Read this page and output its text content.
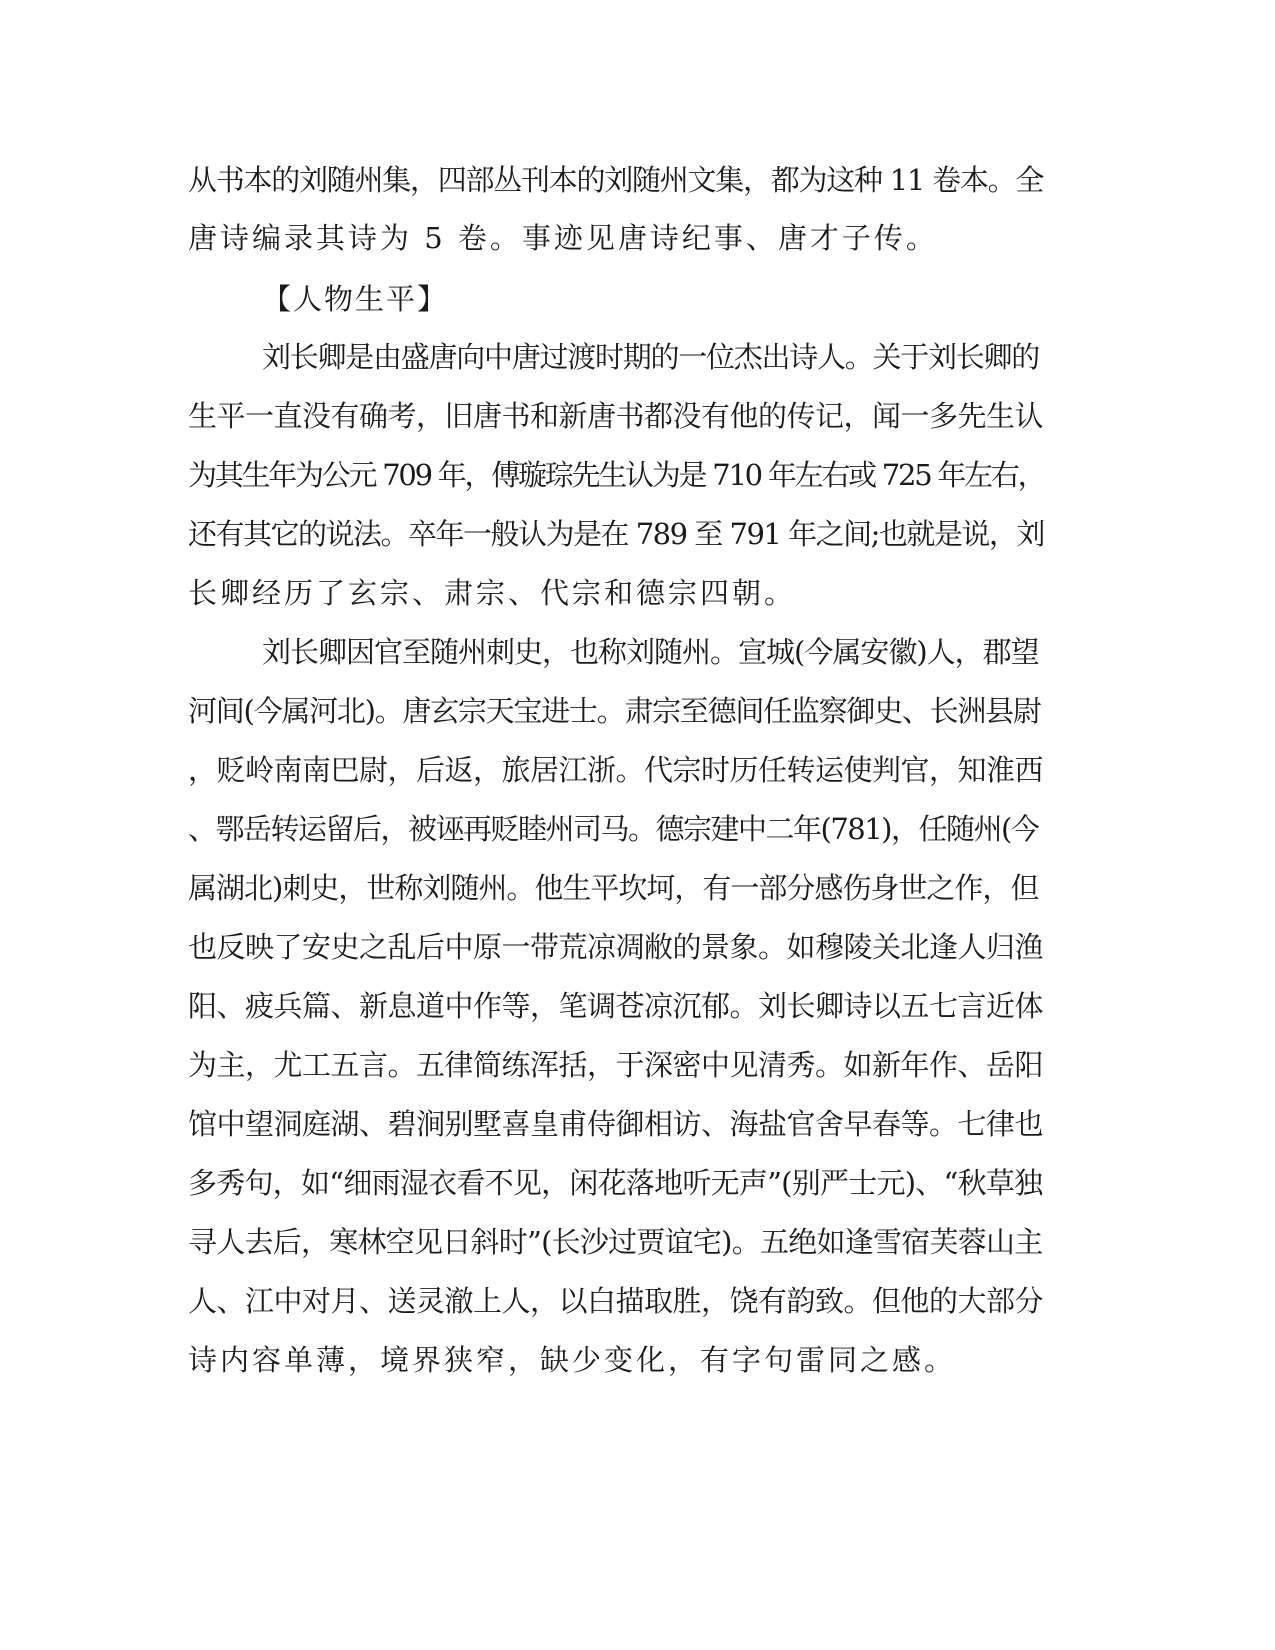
从书本的刘随州集，四部丛刊本的刘随州文集，都为这种 11 卷本。全
唐诗编录其诗为 5 卷。事迹见唐诗纪事、唐才子传。
【人物生平】
刘长卿是由盛唐向中唐过渡时期的一位杰出诗人。关于刘长卿的
生平一直没有确考，旧唐书和新唐书都没有他的传记，闻一多先生认
为其生年为公元 709 年，傅璇琮先生认为是 710 年左右或 725 年左右，
还有其它的说法。卒年一般认为是在 789 至 791 年之间;也就是说，刘
长卿经历了玄宗、肃宗、代宗和德宗四朝。
刘长卿因官至随州刺史，也称刘随州。宣城(今属安徽)人，郡望
河间(今属河北)。唐玄宗天宝进士。肃宗至德间任监察御史、长洲县尉
，贬岭南南巴尉，后返，旅居江浙。代宗时历任转运使判官，知淮西
、鄂岳转运留后，被诬再贬睦州司马。德宗建中二年(781)，任随州(今
属湖北)刺史，世称刘随州。他生平坎坷，有一部分感伤身世之作，但
也反映了安史之乱后中原一带荒凉凋敝的景象。如穆陵关北逢人归渔
阳、疲兵篇、新息道中作等，笔调苍凉沉郁。刘长卿诗以五七言近体
为主，尤工五言。五律简练浑括，于深密中见清秀。如新年作、岳阳
馆中望洞庭湖、碧涧别墅喜皇甫侍御相访、海盐官舍早春等。七律也
多秀句，如“细雨湿衣看不见，闲花落地听无声”(别严士元)、“秋草独
寻人去后，寒林空见日斜时”(长沙过贾谊宅)。五绝如逢雪宿芙蓉山主
人、江中对月、送灵澈上人，以白描取胜，饶有韵致。但他的大部分
诗内容单薄，境界狭窄，缺少变化，有字句雷同之感。
